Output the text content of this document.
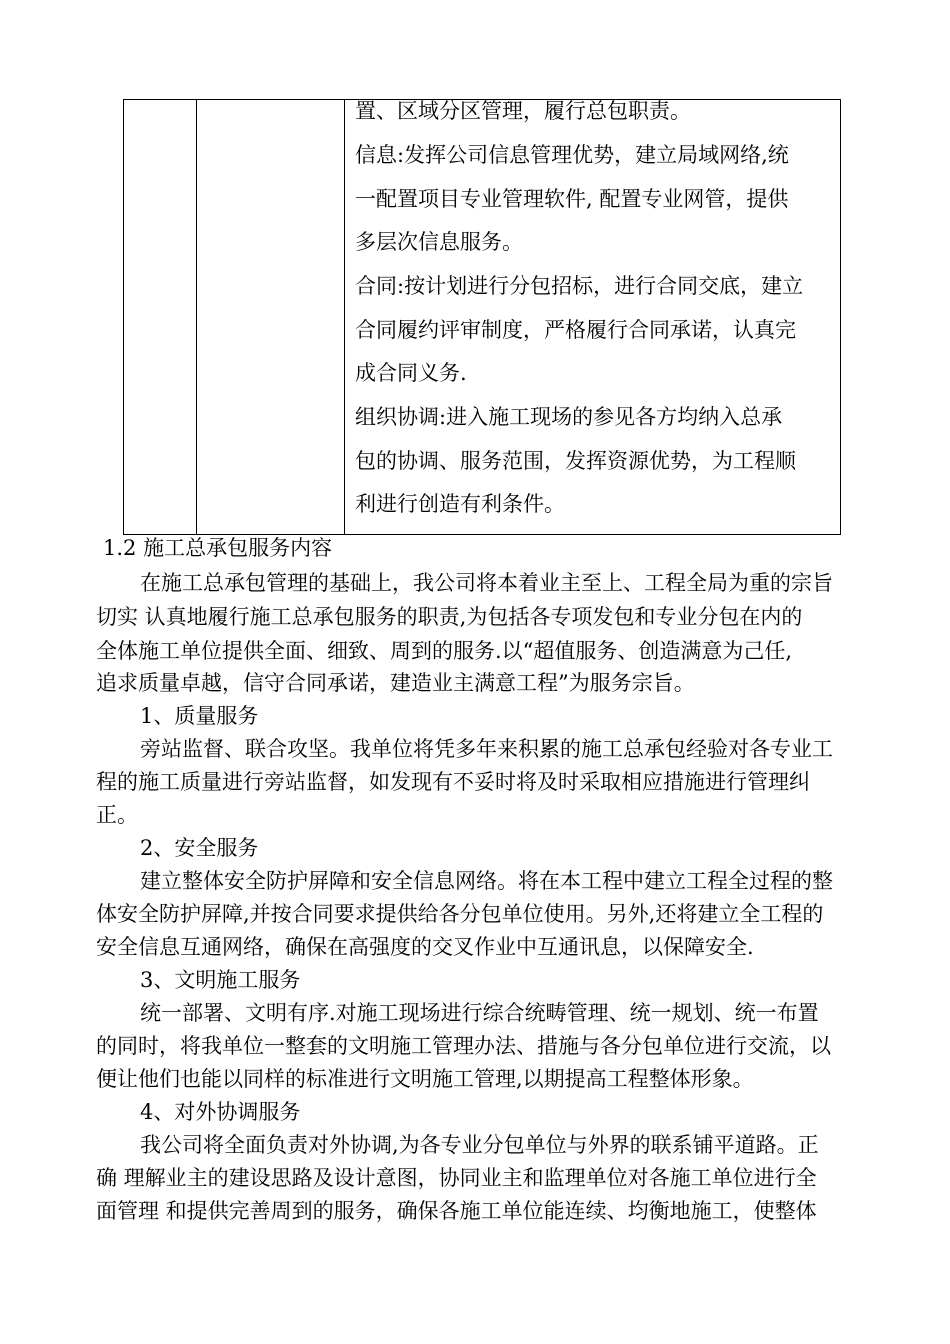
置、区域分区管理，履行总包职责。
信息:发挥公司信息管理优势，建立局域网络,统
一配置项目专业管理软件, 配置专业网管，提供
多层次信息服务。
合同:按计划进行分包招标，进行合同交底，建立
合同履约评审制度，严格履行合同承诺，认真完
成合同义务.
组织协调:进入施工现场的参见各方均纳入总承
包的协调、服务范围，发挥资源优势，为工程顺
利进行创造有利条件。
1.2 施工总承包服务内容
在施工总承包管理的基础上，我公司将本着业主至上、工程全局为重的宗旨
切实 认真地履行施工总承包服务的职责,为包括各专项发包和专业分包在内的
全体施工单位提供全面、细致、周到的服务.以“超值服务、创造满意为己任,
追求质量卓越，信守合同承诺，建造业主满意工程”为服务宗旨。
1、质量服务
旁站监督、联合攻坚。我单位将凭多年来积累的施工总承包经验对各专业工
程的施工质量进行旁站监督，如发现有不妥时将及时采取相应措施进行管理纠
正。
2、安全服务
建立整体安全防护屏障和安全信息网络。将在本工程中建立工程全过程的整
体安全防护屏障,并按合同要求提供给各分包单位使用。另外,还将建立全工程的
安全信息互通网络，确保在高强度的交叉作业中互通讯息，以保障安全.
3、文明施工服务
统一部署、文明有序.对施工现场进行综合统畴管理、统一规划、统一布置
的同时，将我单位一整套的文明施工管理办法、措施与各分包单位进行交流，以
便让他们也能以同样的标准进行文明施工管理,以期提高工程整体形象。
4、对外协调服务
我公司将全面负责对外协调,为各专业分包单位与外界的联系铺平道路。正
确 理解业主的建设思路及设计意图，协同业主和监理单位对各施工单位进行全
面管理 和提供完善周到的服务，确保各施工单位能连续、均衡地施工，使整体
